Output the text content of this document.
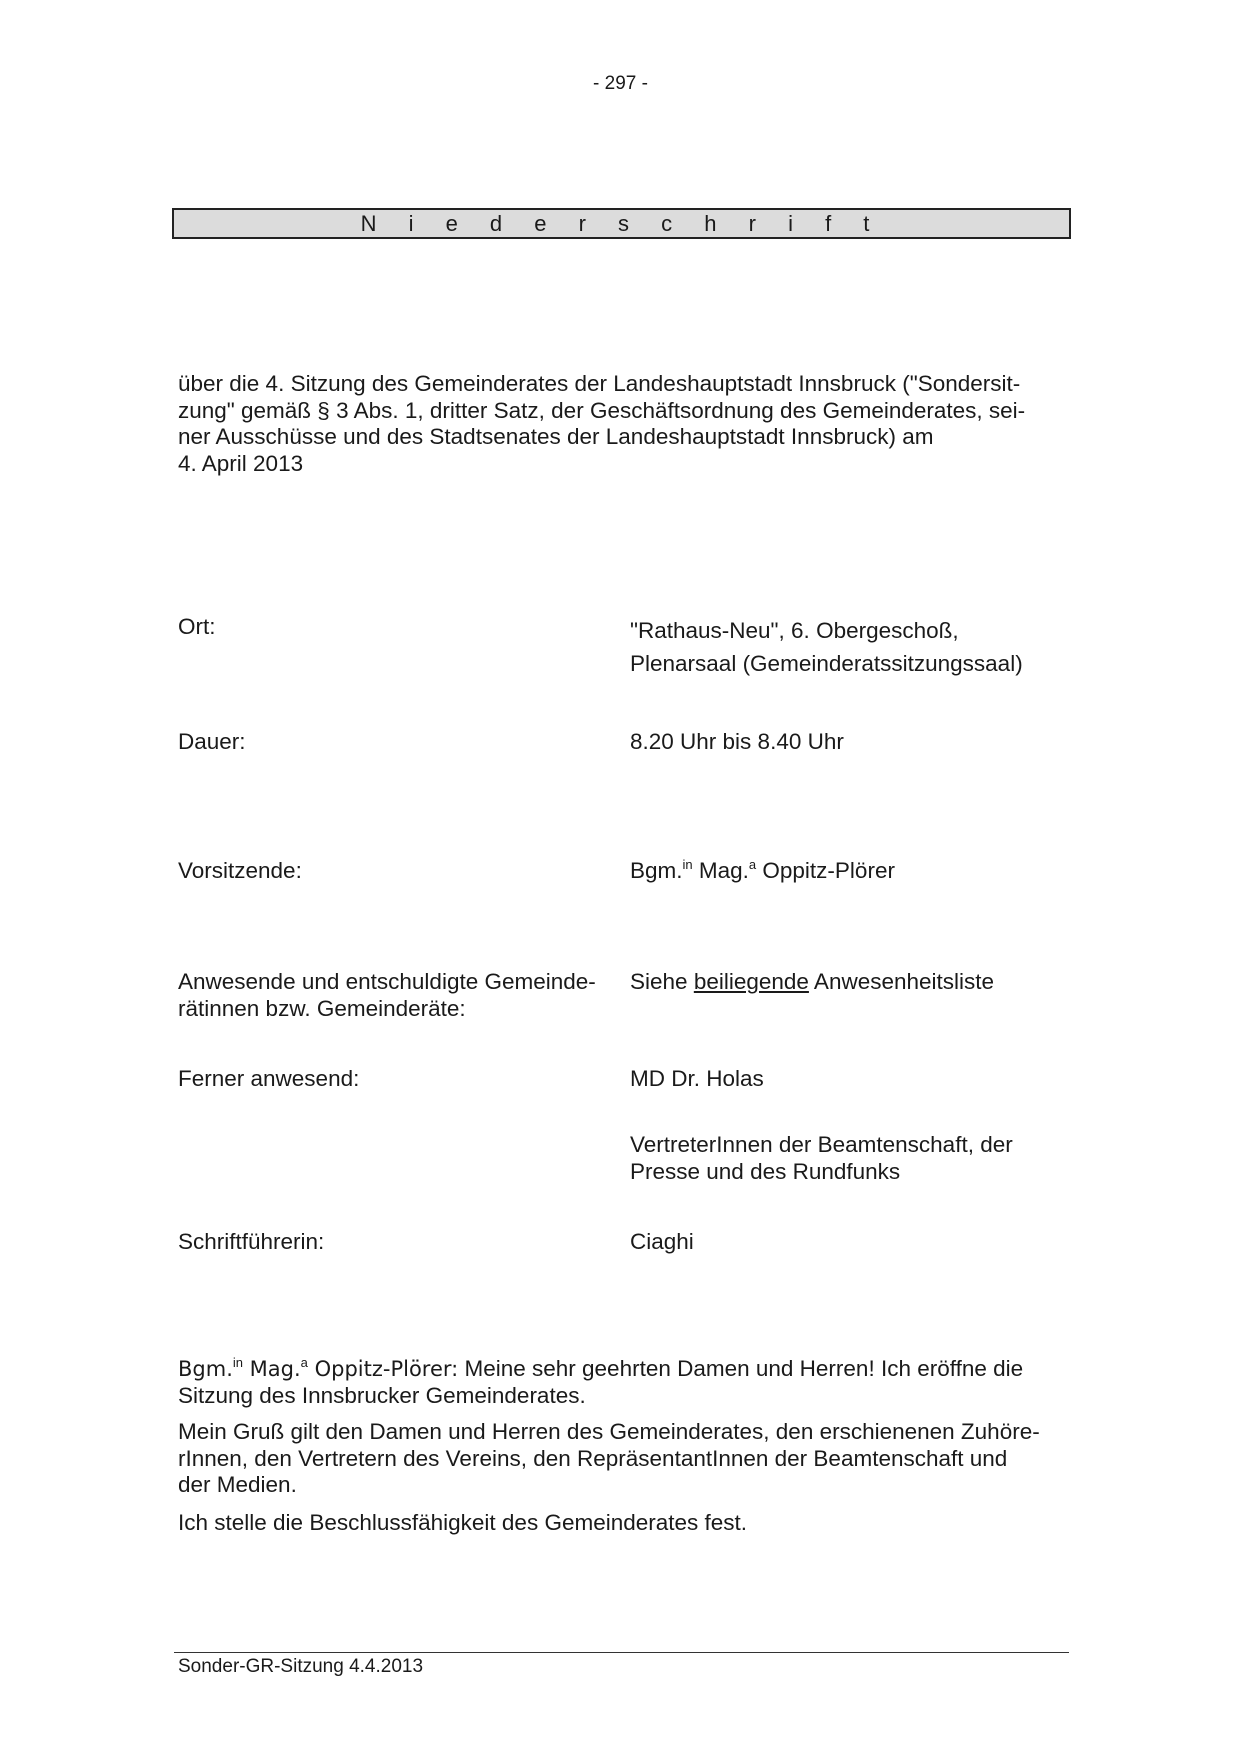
- 297 -
N i e d e r s c h r i f t
über die 4. Sitzung des Gemeinderates der Landeshauptstadt Innsbruck ("Sondersit-
zung" gemäß § 3 Abs. 1, dritter Satz, der Geschäftsordnung des Gemeinderates, sei-
ner Ausschüsse und des Stadtsenates der Landeshauptstadt Innsbruck) am
4. April 2013
Ort:	"Rathaus-Neu", 6. Obergeschoß,
Plenarsaal (Gemeinderatssitzungssaal)
Dauer:	8.20 Uhr bis 8.40 Uhr
Vorsitzende:	Bgm.$^{in}$ Mag.$^a$ Oppitz-Plörer
Anwesende und entschuldigte Gemeinde-
rätinnen bzw. Gemeinderäte:
Siehe beiliegende Anwesenheitsliste
Ferner anwesend:	MD Dr. Holas
VertreterInnen der Beamtenschaft, der
Presse und des Rundfunks
Schriftführerin:	Ciaghi
Bgm.$^{in}$ Mag.$^a$ Oppitz-Plörer: Meine sehr geehrten Damen und Herren! Ich eröffne die
Sitzung des Innsbrucker Gemeinderates.
Mein Gruß gilt den Damen und Herren des Gemeinderates, den erschienenen Zuhöre-
rInnen, den Vertretern des Vereins, den RepräsentantInnen der Beamtenschaft und
der Medien.
Ich stelle die Beschlussfähigkeit des Gemeinderates fest.
Sonder-GR-Sitzung 4.4.2013
